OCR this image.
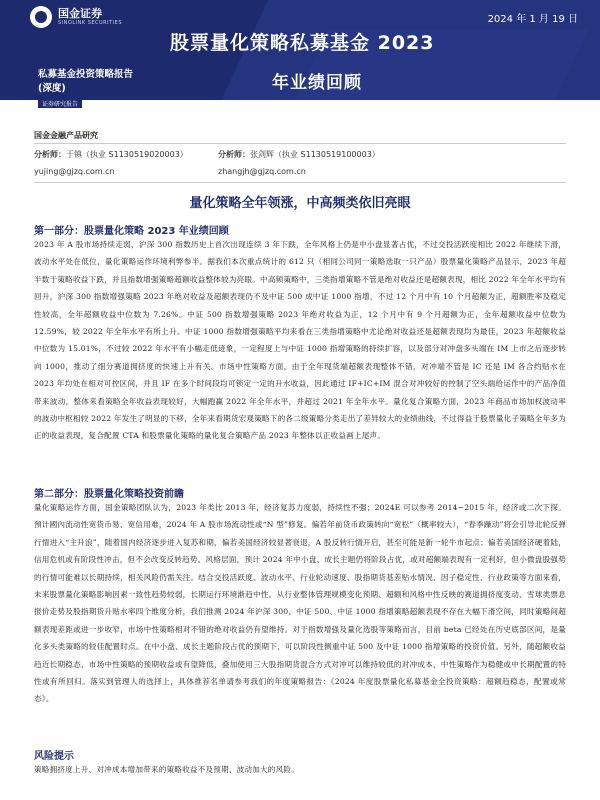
国金证券
SINOLINK SECURITIES	2024 年 1 月 19 日
股票量化策略私募基金 2023
私募基金投资策略报告
(深度)	年业绩回顾
证券研究报告
国金金融产品研究
分析师：于镇（执业 S1130519020003）	分析师：张剑辉（执业 S1130519100003）
yujing@gjzq.com.cn	zhangjh@gjzq.com.cn
量化策略全年领涨，中高频类依旧亮眼
第一部分：股票量化策略 2023 年业绩回顾
2023 年 A 股市场持续走弱，沪深 300 指数历史上首次出现连续 3 年下跌，全年风格上仍是中小盘显著占优，不过交投活跃度相比 2022 年继续下滑，波动水平处在低位，量化策略运作环境利弊参半。据我们本次重点统计的 612 只（相同公司同一策略选取一只产品）股票量化策略产品显示，2023 年超半数于策略收益下跌，并且指数增强策略超额收益整体较为亮眼。中高频策略中，三类指增策略不管是绝对收益还是超额表现，相比 2022 年全年水平均有回升，沪深 300 指数增强策略 2023 年绝对收益及超额表现仍不及中证 500 成中证 1000 指增，不过 12 个月中有 10 个月超额为正，超额胜率及稳定性较高，全年超额收益中位数为 7.26%。中证 500 指数增强策略 2023 年绝对收益为正，12 个月中有 9 个月超额为正，全年超额收益中位数为 12.59%，较 2022 年全年水平有所上升。中证 1000 指数增强策略平均来看在三类指增策略中尤论绝对收益还是超额表现均为最佳，2023 年超额收益中位数为 15.01%，不过较 2022 年水平有小幅走低迹象，一定程度上与中证 1000 指增策略的持续扩容，以及部分对冲盘多头端在 IM 上市之后逐步转向 1000，推动了细分赛道拥挤度的快速上升有关。市场中性策略方面，由于全年现货端超额表现整体不错，对冲端不管是 IC 还是 IM 各合约贴水在 2023 年均处在相对可控区间，并且 IF 在多个时间段均可锁定一定的升水收益，因此通过 IF+IC+IM 混合对冲较好的控制了空头端给运作中的产品净值带来波动，整体来看策略全年收益表现较好，大幅跑赢 2022 年全年水平，并超过 2021 年全年水平。量化复合策略方面，2023 年商品市场加权波动率的波动中枢相较 2022 年发生了明显的下移，全年来看期货宏观策略下的各二级策略分类走出了差异较大的业绩曲线，不过得益于股票量化子策略全年多为正的收益表现，复合配置 CTA 和股票量化策略的量化复合策略产品 2023 年整体以正收益画上尾声。
第二部分：股票量化策略投资前瞻
量化策略运作方面，国金策略团队认为，2023 年类比 2013 年，经济复苏力度弱，持续性不强；2024E 可以参考 2014~2015 年，经济或二次下探。預计國內流动性宽货币易、宽信用难，2024 年 A 股市场流动性或“N 型”修复。偏若年前货币政策转向“宽松”（概率较大），“春季躁动”将会引导北轮反弹行情进入“主升浪”，随着国内经济逐步进入复苏和期，偏若美国经济较显著衰退，A 股反转行情开启，甚至可能是新一轮牛市起点；偏若美国经济硬着陆，信用危机或有阶段性冲击，但不会改变反转趋势。风格层面，预计 2024 年中小盘、成长主题仍将阶段占优，或对超额端表现有一定利好，但小微盘股强势的行情可能难以长期持续，相关风险仍需关注。结合交投活跃度、波动水平、行业轮动速度、股指期货基差贴水情况、因子稳定性、行业政策等方面来看，未来股票量化策略影响因素一致性趋势较弱，长期运行环境渐趋中性。从行业整体管理规模变化预期、超额和风格中性反映的赛道拥挤度变动、雪球类票息报价走势及股指期货升贴水率四个维度分析，我们推测 2024 年沪深 300、中证 500、中证 1000 指增策略超额表现不存在大幅下滑空间，同时策略间超额表现差距或进一步收窄，市场中性策略相对不错的绝对收益仍有望维持。对于指数增强及量化选股等策略而言，目前 beta 已经处在历史底部区间，是量化多头类策略的较佳配置时点。在中小盘、成长主题阶段占优的预期下，可以阶段性侧重中证 500 及中证 1000 指增策略的投资价值。另外，随超额收益趋近长期稳态，市场中性策略的预期收益或有望降低，叠加使用三大股指期货混合方式对冲可以维持较低的对冲成本，中性策略作为稳健或中长期配置的特性或有所回归。落实到管理人的选择上，具体推荐名单请参考我们的年度策略报告：《2024 年度股票量化私募基金全投资策略：超额趋稳态，配置或常态》。
风险提示
策略拥挤度上升、对冲成本增加带来的策略收益不及预期、波动加大的风险。
